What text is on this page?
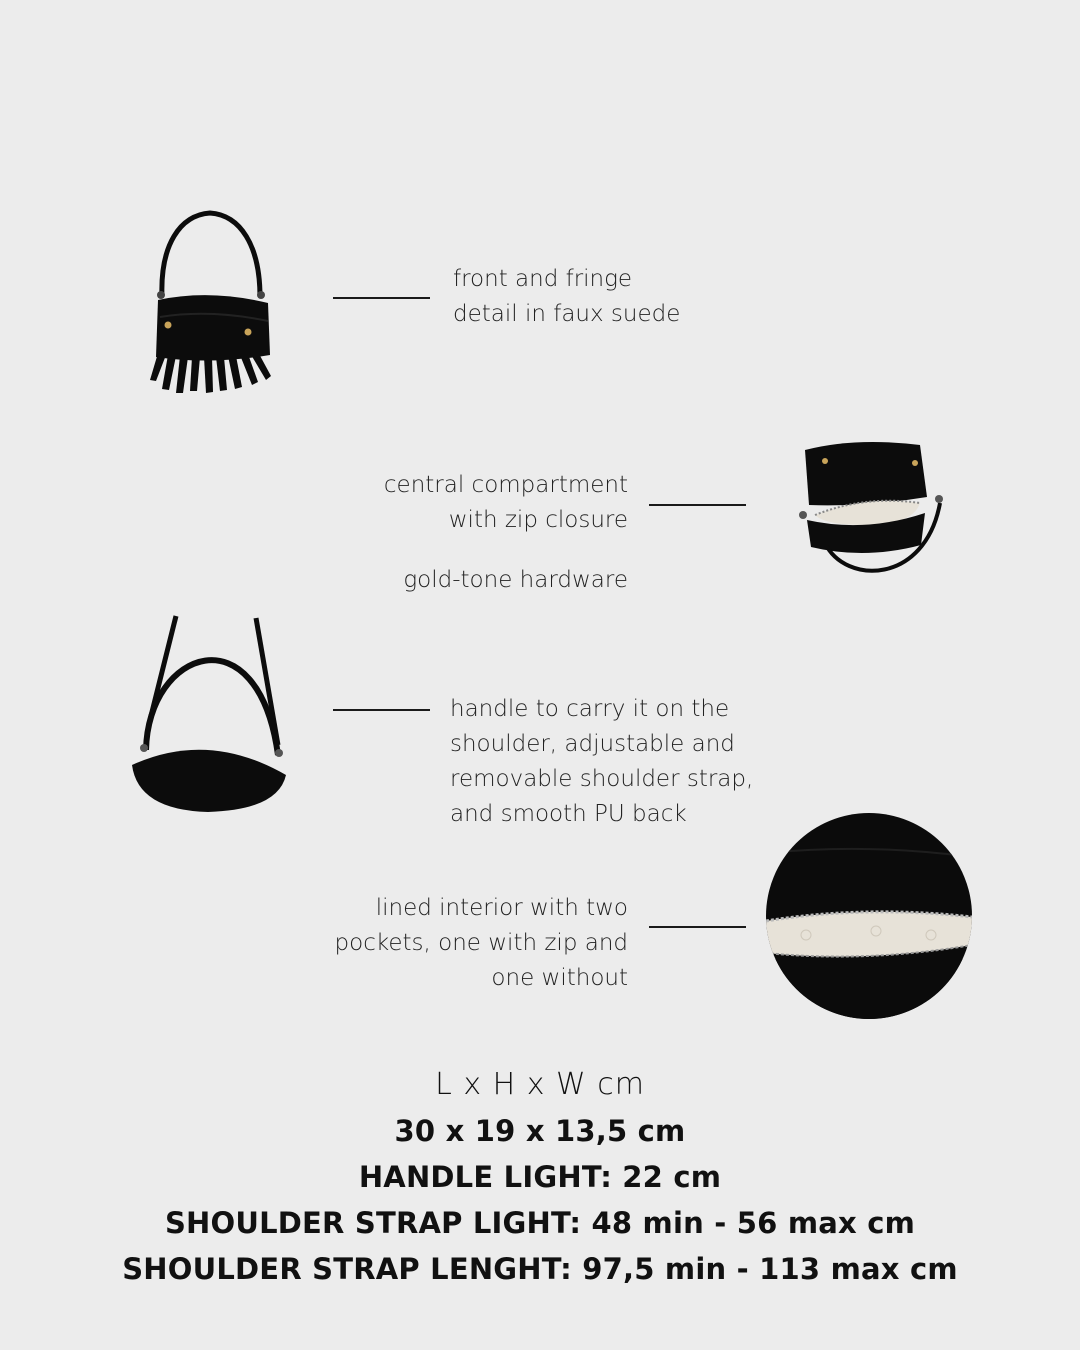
front and fringe
detail in faux suede
central compartment
with zip closure
gold-tone hardware
handle to carry it on the
shoulder, adjustable and
removable shoulder strap,
and smooth PU back
lined interior with two
pockets, one with zip and
one without
L x H x W cm
30 x 19 x 13,5 cm
HANDLE LIGHT: 22 cm
SHOULDER STRAP LIGHT: 48 min - 56 max cm
SHOULDER STRAP LENGHT: 97,5 min - 113 max cm
